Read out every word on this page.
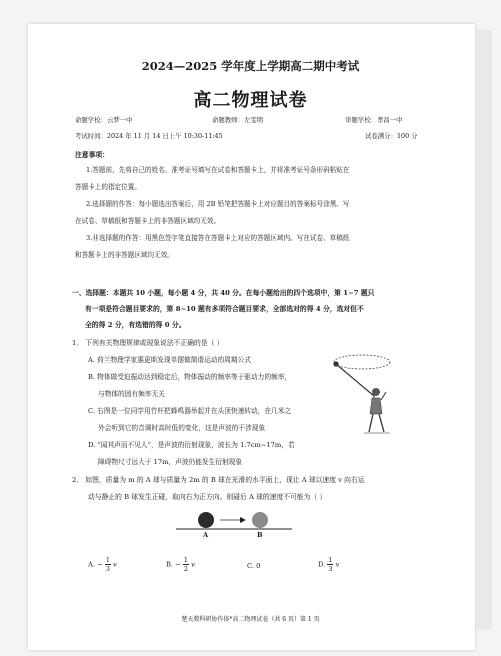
2024—2025 学年度上学期高二期中考试
高二物理试卷
命题学校：云梦一中	命题教师：左雯明	审题学校：孝昌一中
考试时间：2024 年 11 月 14 日上午 10:30-11:45	试卷满分：100 分
注意事项：
1.答题前，先将自己的姓名、准考证号填写在试卷和答题卡上，并将准考证号条形码粘贴在
答题卡上的指定位置。
2.选择题的作答：每小题选出答案后，用 2B 铅笔把答题卡上对应题目的答案标号涂黑。写
在试卷、草稿纸和答题卡上的非答题区域均无效。
3.非选择题的作答：用黑色签字笔直接答在答题卡上对应的答题区域内。写在试卷、草稿纸
和答题卡上的非答题区域均无效。
一、选择题：本题共 10 小题，每小题 4 分，共 40 分。在每小题给出的四个选项中，第 1~7 题只
有一项是符合题目要求的，第 8~10 题有多项符合题目要求，全部选对的得 4 分，选对但不
全的得 2 分，有选错的得 0 分。
1． 下列有关物理规律或现象说法不正确的是（ ）
A. 荷兰物理学家惠更斯发现单摆做简谐运动的周期公式
B. 物体做受迫振动达到稳定后，物体振动的频率等于驱动力的频率，
与物体的固有频率无关
C. 右图是一位同学用竹杆把蜂鸣器举起并在头顶快速转动，在几米之
外会听到它的音调时高时低的变化，这是声波的干涉现象
D. “闻其声而不见人”，是声波的衍射现象，波长为 1.7cm~17m，若
障碍物尺寸远大于 17m，声波仍能发生衍射现象
2． 如图，质量为 m 的 A 球与质量为 2m 的 B 球在光滑的水平面上，现让 A 球以速度 v 向右运
动与静止的 B 球发生正碰，取向右为正方向。则碰后 A 球的速度不可能为（ ）
A	B
A. − $\frac{1}{3}$ v	B. − $\frac{1}{2}$ v	C. 0	D. $\frac{1}{3}$ v
楚天教科研协作体*高二物理试卷（共 6 页）第 1 页
